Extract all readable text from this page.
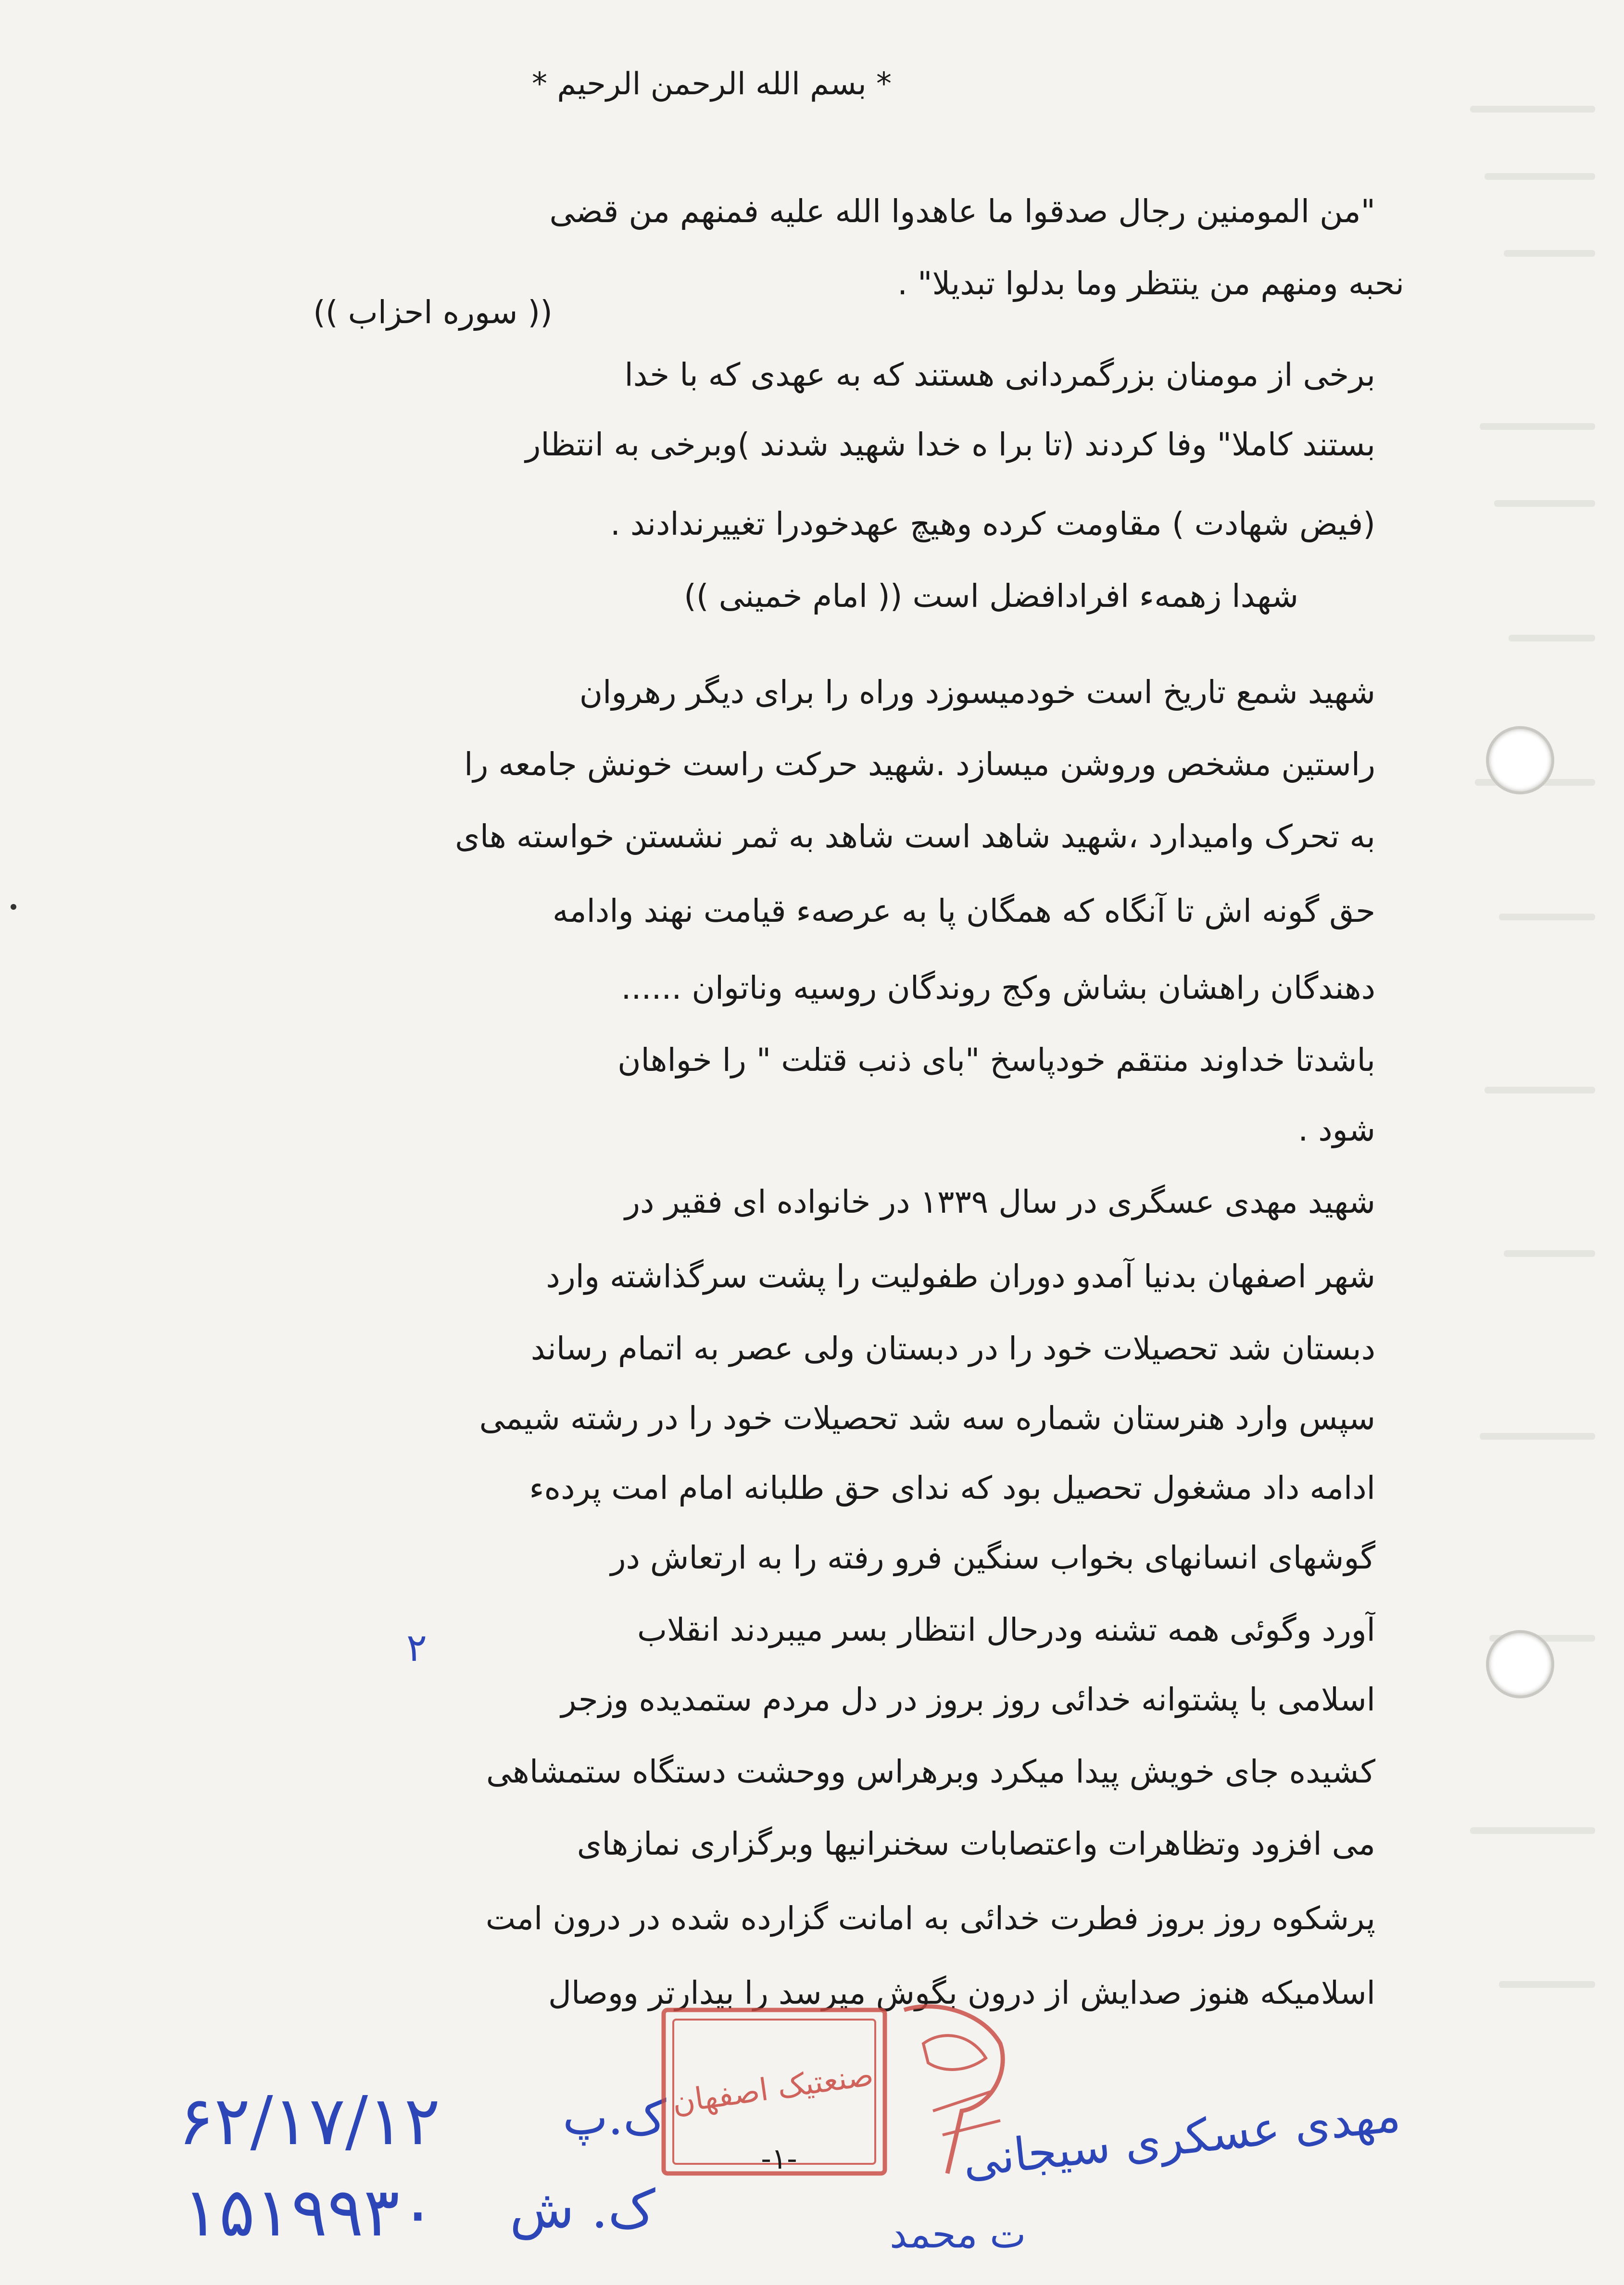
* بسم الله الرحمن الرحیم *
"من المومنین رجال صدقوا ما عاهدوا الله علیه فمنهم من قضی
نحبه ومنهم من ینتظر وما بدلوا تبدیلا" .
(( سوره احزاب ))
برخی از مومنان بزرگمردانی هستند که به عهدی که با خدا
بستند کاملا" وفا کردند (تا برا ه خدا شهید شدند )وبرخی به انتظار
(فیض شهادت ) مقاومت کرده وهیچ عهدخودرا تغییرندادند .
شهدا زهمهء افرادافضل است (( امام خمینی ))
شهید شمع تاریخ است خودمیسوزد وراه را برای دیگر رهروان
راستین مشخص وروشن میسازد .شهید حرکت راست خونش جامعه را
به تحرک وامیدارد ،شهید شاهد است شاهد به ثمر نشستن خواسته های
حق گونه اش تا آنگاه که همگان پا به عرصهء قیامت نهند وادامه
دهندگان راهشان بشاش وکج روندگان روسیه وناتوان ......
باشدتا خداوند منتقم خودپاسخ "بای ذنب قتلت " را خواهان
شود .
شهید مهدی عسگری در سال ۱۳۳۹ در خانواده ای فقیر در
شهر اصفهان بدنیا آمدو دوران طفولیت را پشت سرگذاشته وارد
دبستان شد تحصیلات خود را در دبستان ولی عصر به اتمام رساند
سپس وارد هنرستان شماره سه شد تحصیلات خود را در رشته شیمی
ادامه داد مشغول تحصیل بود که ندای حق طلبانه امام امت پردهء
گوشهای انسانهای بخواب سنگین فرو رفته را به ارتعاش در
آورد وگوئی همه تشنه ودرحال انتظار بسر میبردند انقلاب
اسلامی با پشتوانه خدائی روز بروز در دل مردم ستمدیده وزجر
کشیده جای خویش پیدا میکرد وبرهراس ووحشت دستگاه ستمشاهی
می افزود وتظاهرات واعتصابات سخنرانیها وبرگزاری نمازهای
پرشکوه روز بروز فطرت خدائی به امانت گزارده شده در درون امت
اسلامیکه هنوز صدایش از درون بگوش میرسد را بیدارتر ووصال
۲
۶۲/۱۷/۱۲
۱۵۱۹۹۳۰
ک.پ
ک. ش
مهدی عسکری سیجانی
ت محمد
صنعتیک اصفهان
-۱-
